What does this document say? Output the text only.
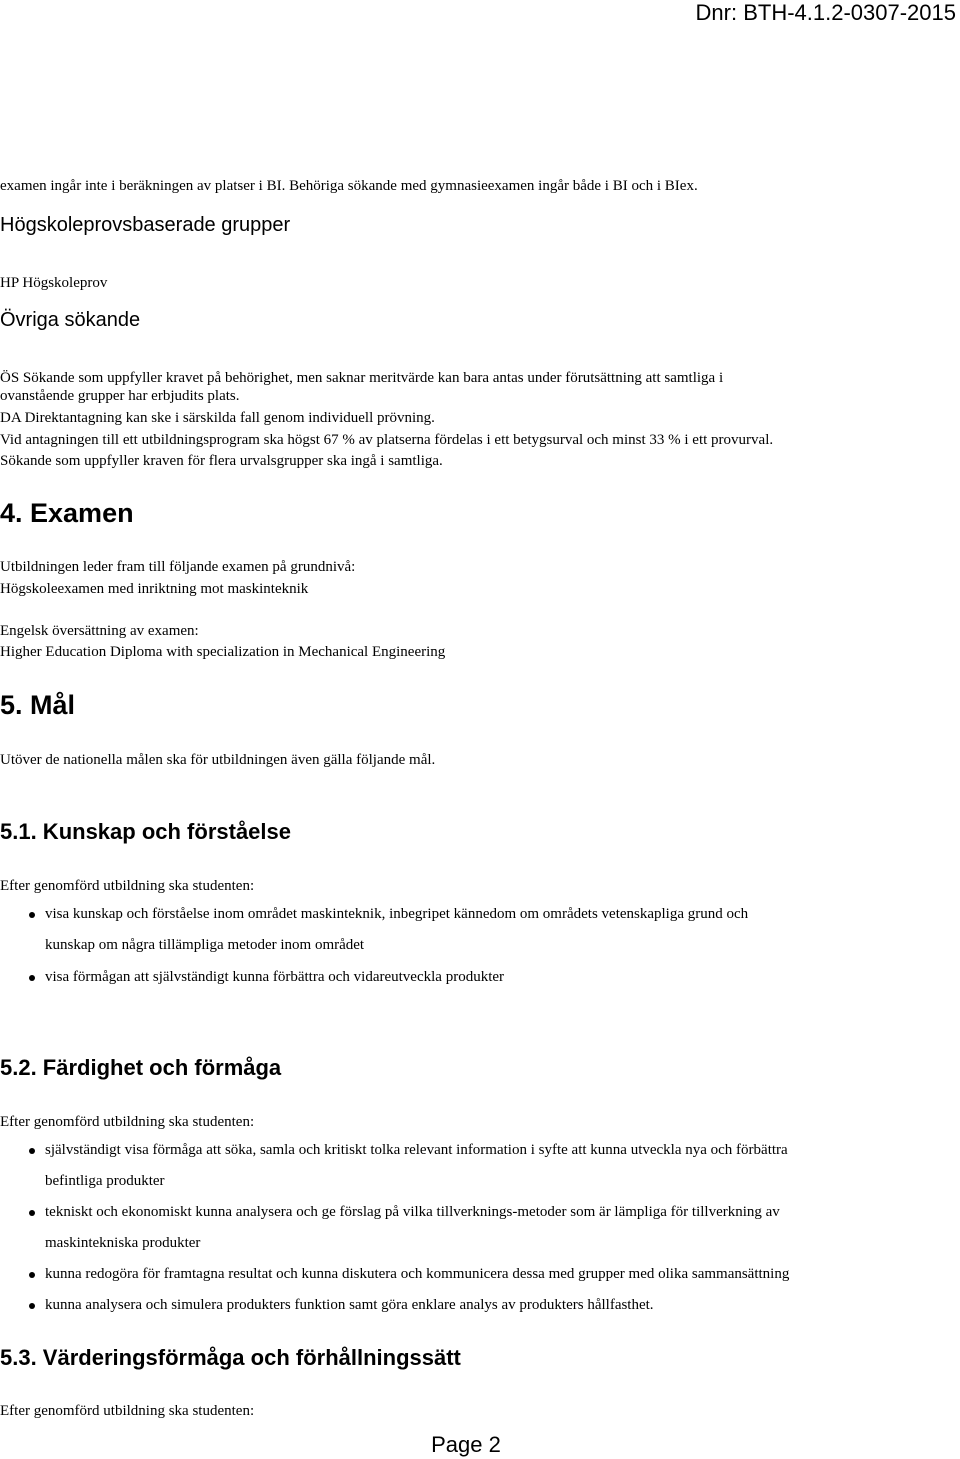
Dnr: BTH-4.1.2-0307-2015
examen ingår inte i beräkningen av platser i BI. Behöriga sökande med gymnasieexamen ingår både i BI och i BIex.
Högskoleprovsbaserade grupper
HP Högskoleprov
Övriga sökande
ÖS Sökande som uppfyller kravet på behörighet, men saknar meritvärde kan bara antas under förutsättning att samtliga i
ovanstående grupper har erbjudits plats.
DA Direktantagning kan ske i särskilda fall genom individuell prövning.
Vid antagningen till ett utbildningsprogram ska högst 67 % av platserna fördelas i ett betygsurval och minst 33 % i ett provurval.
Sökande som uppfyller kraven för flera urvalsgrupper ska ingå i samtliga.
4. Examen
Utbildningen leder fram till följande examen på grundnivå:
Högskoleexamen med inriktning mot maskinteknik
Engelsk översättning av examen:
Higher Education Diploma with specialization in Mechanical Engineering
5. Mål
Utöver de nationella målen ska för utbildningen även gälla följande mål.
5.1. Kunskap och förståelse
Efter genomförd utbildning ska studenten:
visa kunskap och förståelse inom området maskinteknik, inbegripet kännedom om områdets vetenskapliga grund och
kunskap om några tillämpliga metoder inom området
visa förmågan att självständigt kunna förbättra och vidareutveckla produkter
5.2. Färdighet och förmåga
Efter genomförd utbildning ska studenten:
självständigt visa förmåga att söka, samla och kritiskt tolka relevant information i syfte att kunna utveckla nya och förbättra
befintliga produkter
tekniskt och ekonomiskt kunna analysera och ge förslag på vilka tillverknings-metoder som är lämpliga för tillverkning av
maskintekniska produkter
kunna redogöra för framtagna resultat och kunna diskutera och kommunicera dessa med grupper med olika sammansättning
kunna analysera och simulera produkters funktion samt göra enklare analys av produkters hållfasthet.
5.3. Värderingsförmåga och förhållningssätt
Efter genomförd utbildning ska studenten:
Page 2
